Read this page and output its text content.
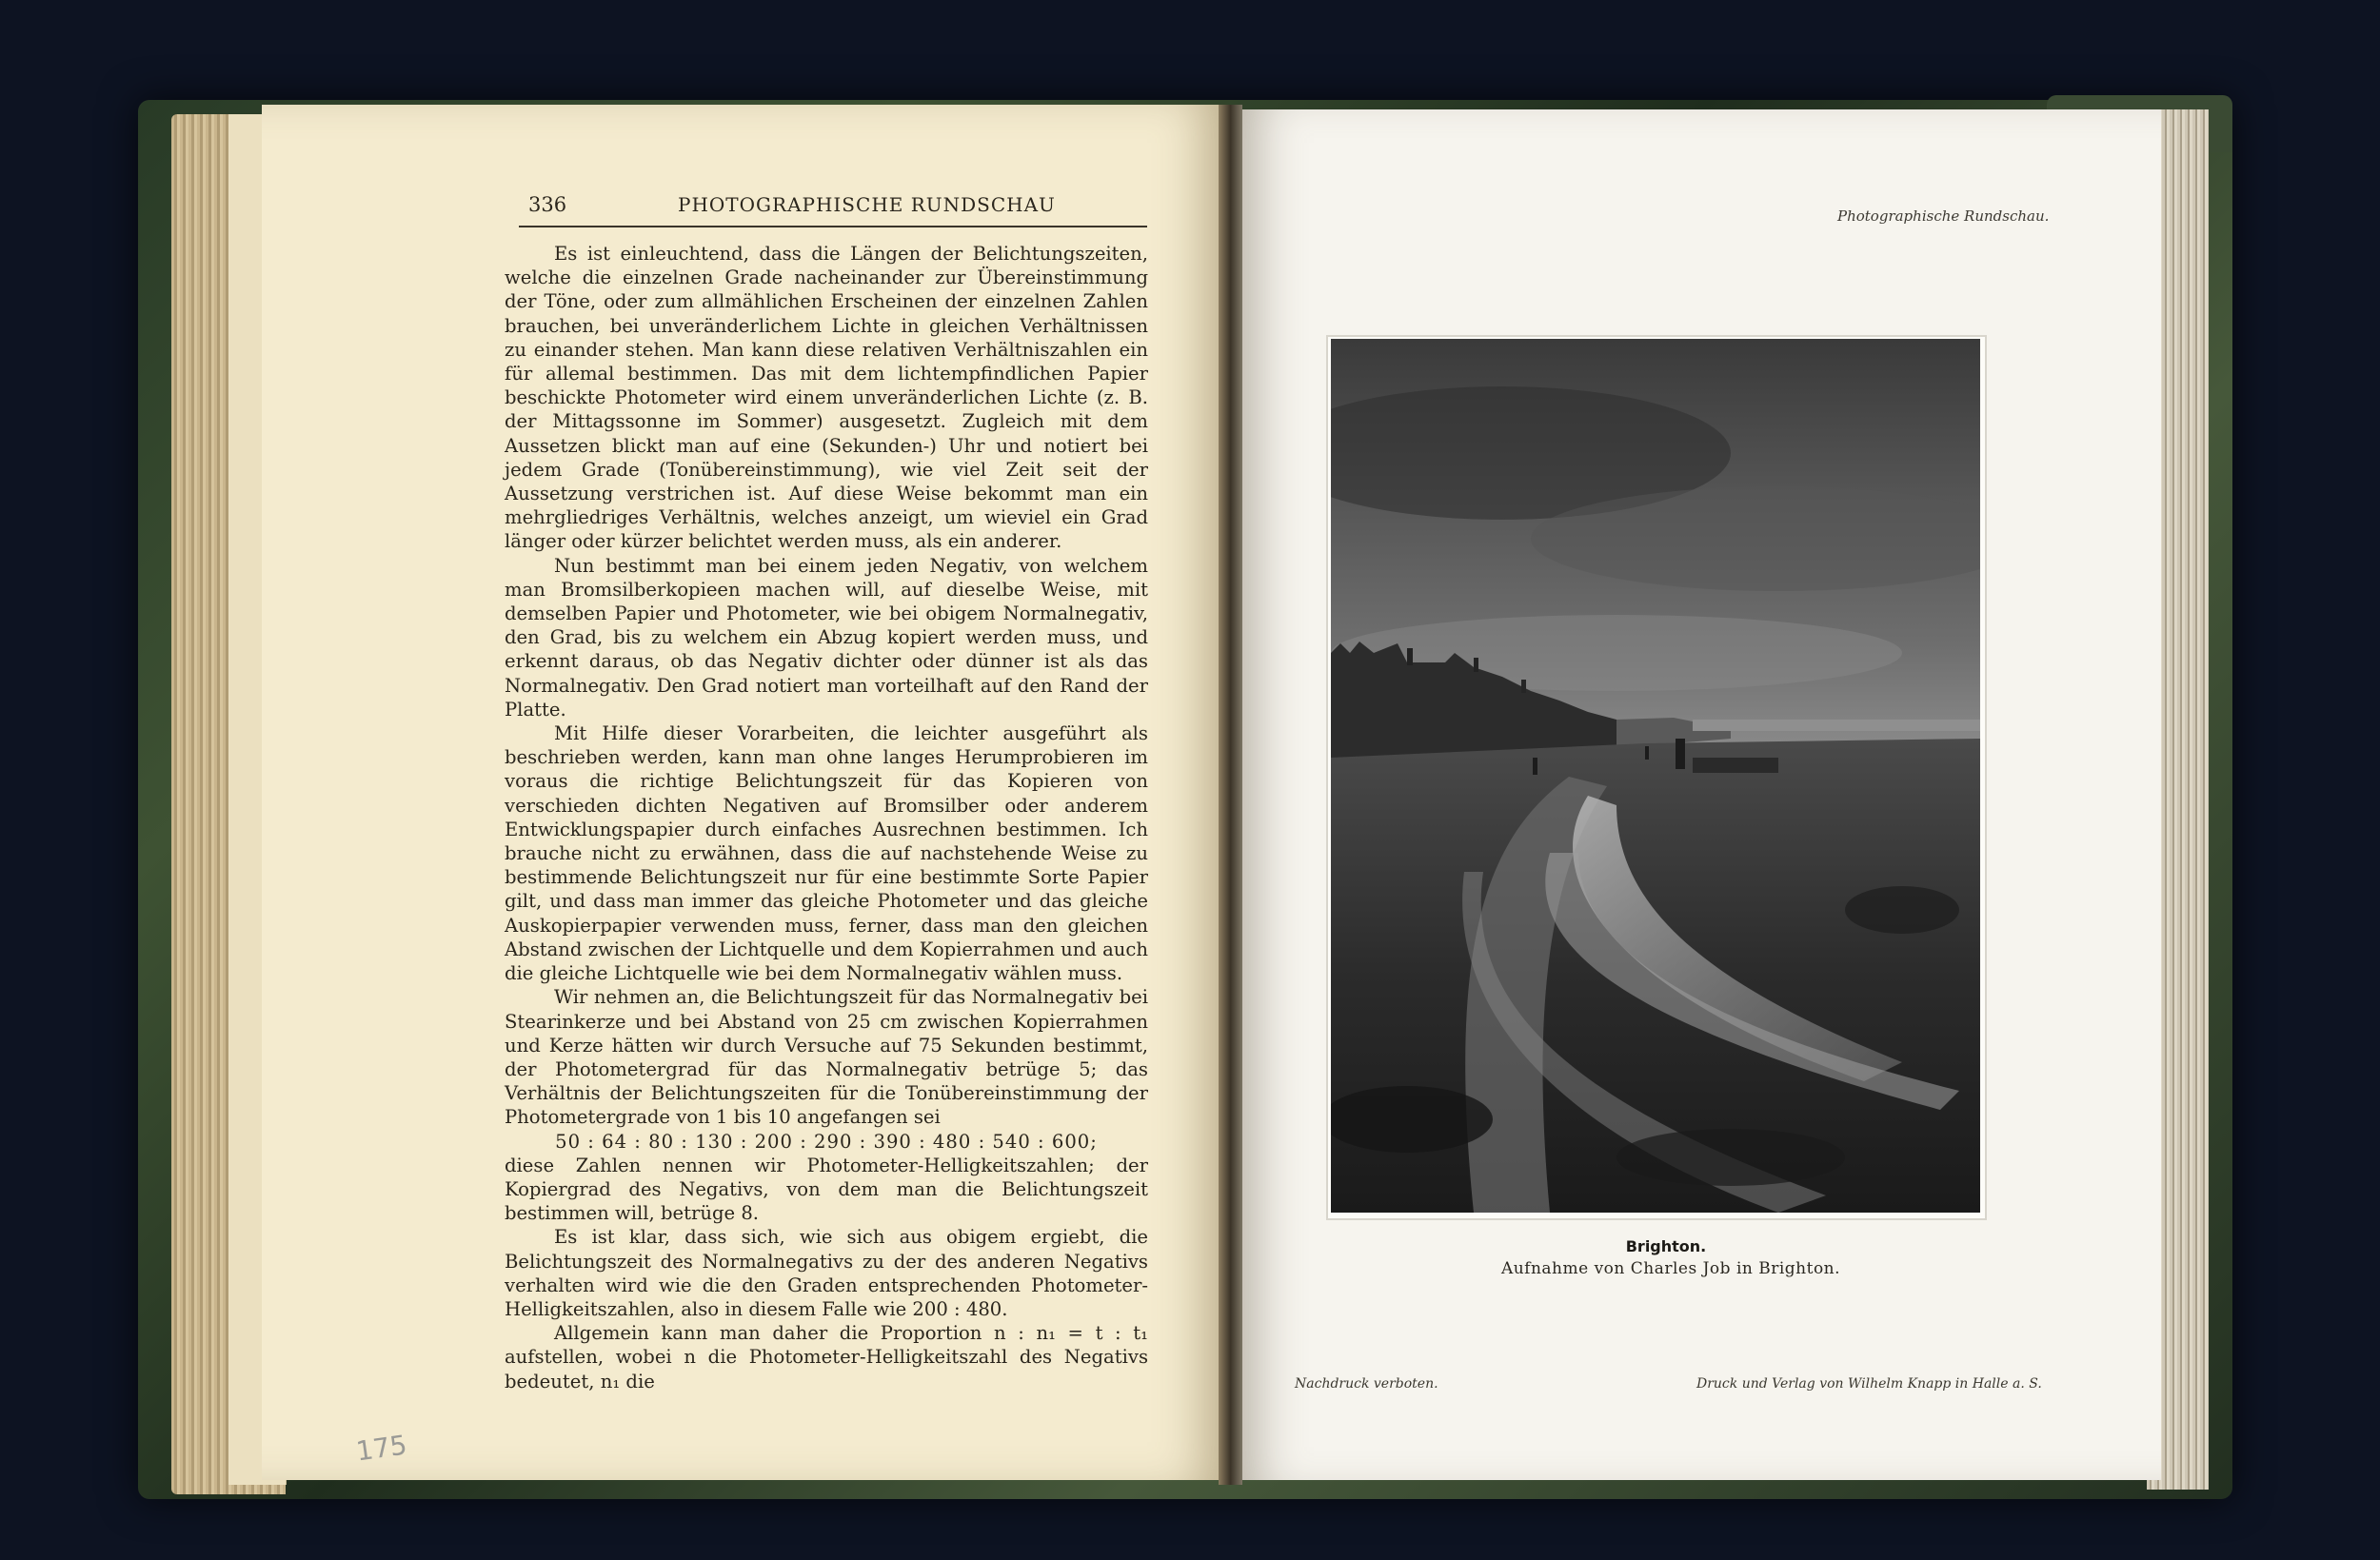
336	PHOTOGRAPHISCHE RUNDSCHAU

Es ist einleuchtend, dass die Längen der Belichtungszeiten, welche die einzelnen Grade nacheinander zur Übereinstimmung der Töne, oder zum allmählichen Erscheinen der einzelnen Zahlen brauchen, bei unveränderlichem Lichte in gleichen Verhältnissen zu einander stehen. Man kann diese relativen Verhältniszahlen ein für allemal bestimmen. Das mit dem lichtempfindlichen Papier beschickte Photometer wird einem unveränderlichen Lichte (z. B. der Mittagssonne im Sommer) ausgesetzt. Zugleich mit dem Aussetzen blickt man auf eine (Sekunden-) Uhr und notiert bei jedem Grade (Tonübereinstimmung), wie viel Zeit seit der Aussetzung verstrichen ist. Auf diese Weise bekommt man ein mehrgliedriges Verhältnis, welches anzeigt, um wieviel ein Grad länger oder kürzer belichtet werden muss, als ein anderer.

Nun bestimmt man bei einem jeden Negativ, von welchem man Bromsilberkopieen machen will, auf dieselbe Weise, mit demselben Papier und Photometer, wie bei obigem Normalnegativ, den Grad, bis zu welchem ein Abzug kopiert werden muss, und erkennt daraus, ob das Negativ dichter oder dünner ist als das Normalnegativ. Den Grad notiert man vorteilhaft auf den Rand der Platte.

Mit Hilfe dieser Vorarbeiten, die leichter ausgeführt als beschrieben werden, kann man ohne langes Herumprobieren im voraus die richtige Belichtungszeit für das Kopieren von verschieden dichten Negativen auf Bromsilber oder anderem Entwicklungspapier durch einfaches Ausrechnen bestimmen. Ich brauche nicht zu erwähnen, dass die auf nachstehende Weise zu bestimmende Belichtungszeit nur für eine bestimmte Sorte Papier gilt, und dass man immer das gleiche Photometer und das gleiche Auskopierpapier verwenden muss, ferner, dass man den gleichen Abstand zwischen der Lichtquelle und dem Kopierrahmen und auch die gleiche Lichtquelle wie bei dem Normalnegativ wählen muss.

Wir nehmen an, die Belichtungszeit für das Normalnegativ bei Stearinkerze und bei Abstand von 25 cm zwischen Kopierrahmen und Kerze hätten wir durch Versuche auf 75 Sekunden bestimmt, der Photometergrad für das Normalnegativ betrüge 5; das Verhältnis der Belichtungszeiten für die Tonübereinstimmung der Photometergrade von 1 bis 10 angefangen sei

50 : 64 : 80 : 130 : 200 : 290 : 390 : 480 : 540 : 600;

diese Zahlen nennen wir Photometer-Helligkeitszahlen; der Kopiergrad des Negativs, von dem man die Belichtungszeit bestimmen will, betrüge 8.

Es ist klar, dass sich, wie sich aus obigem ergiebt, die Belichtungszeit des Normalnegativs zu der des anderen Negativs verhalten wird wie die den Graden entsprechenden Photometer-Helligkeitszahlen, also in diesem Falle wie 200 : 480.

Allgemein kann man daher die Proportion n : n₁ = t : t₁ aufstellen, wobei n die Photometer-Helligkeitszahl des Negativs bedeutet, n₁ die

175
Photographische Rundschau.
Brighton.
Aufnahme von Charles Job in Brighton.
Nachdruck verboten.	Druck und Verlag von Wilhelm Knapp in Halle a. S.
